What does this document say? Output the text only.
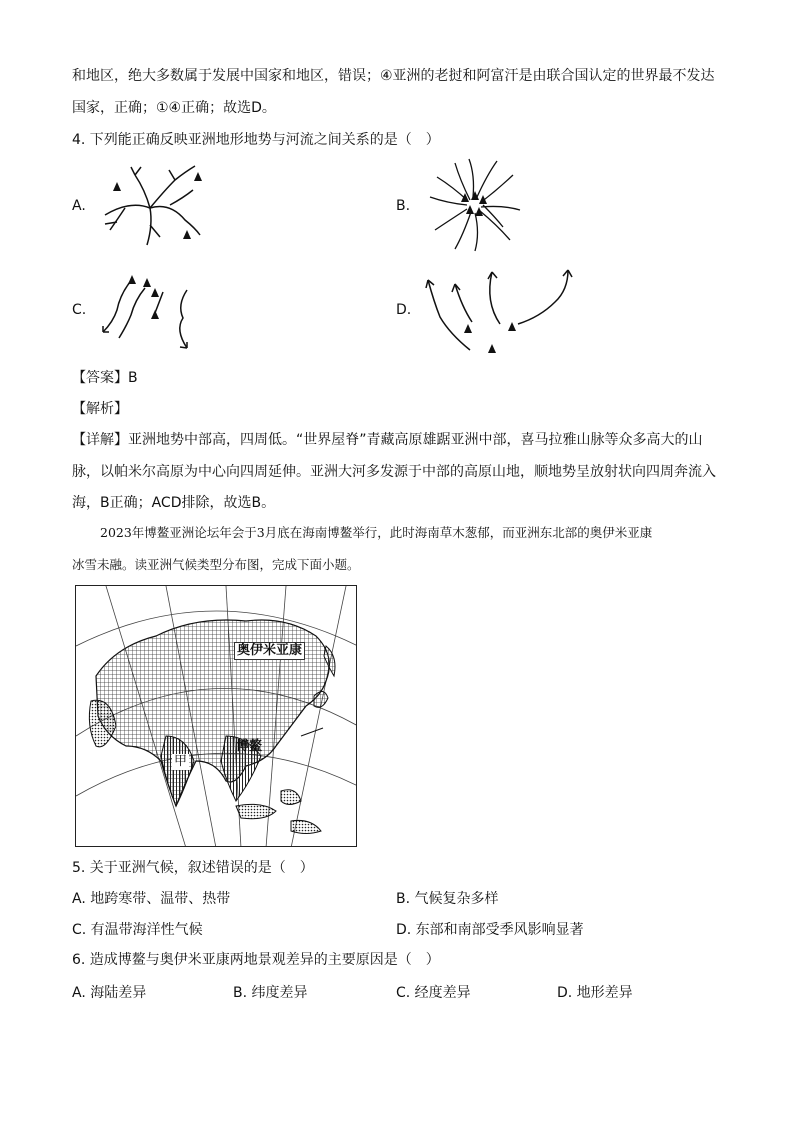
和地区，绝大多数属于发展中国家和地区，错误；④亚洲的老挝和阿富汗是由联合国认定的世界最不发达
国家，正确；①④正确；故选D。
4. 下列能正确反映亚洲地形地势与河流之间关系的是（　）
A.	B.
C.	D.
【答案】B
【解析】
【详解】亚洲地势中部高，四周低。“世界屋脊”青藏高原雄踞亚洲中部，喜马拉雅山脉等众多高大的山
脉，以帕米尔高原为中心向四周延伸。亚洲大河多发源于中部的高原山地，顺地势呈放射状向四周奔流入
海，B正确；ACD排除，故选B。
2023年博鳌亚洲论坛年会于3月底在海南博鳌举行，此时海南草木葱郁，而亚洲东北部的奥伊米亚康
冰雪未融。读亚洲气候类型分布图，完成下面小题。
奥伊米亚康
博鳌
甲
5. 关于亚洲气候，叙述错误的是（　）
A. 地跨寒带、温带、热带	B. 气候复杂多样
C. 有温带海洋性气候	D. 东部和南部受季风影响显著
6. 造成博鳌与奥伊米亚康两地景观差异的主要原因是（　）
A. 海陆差异	B. 纬度差异	C. 经度差异	D. 地形差异
